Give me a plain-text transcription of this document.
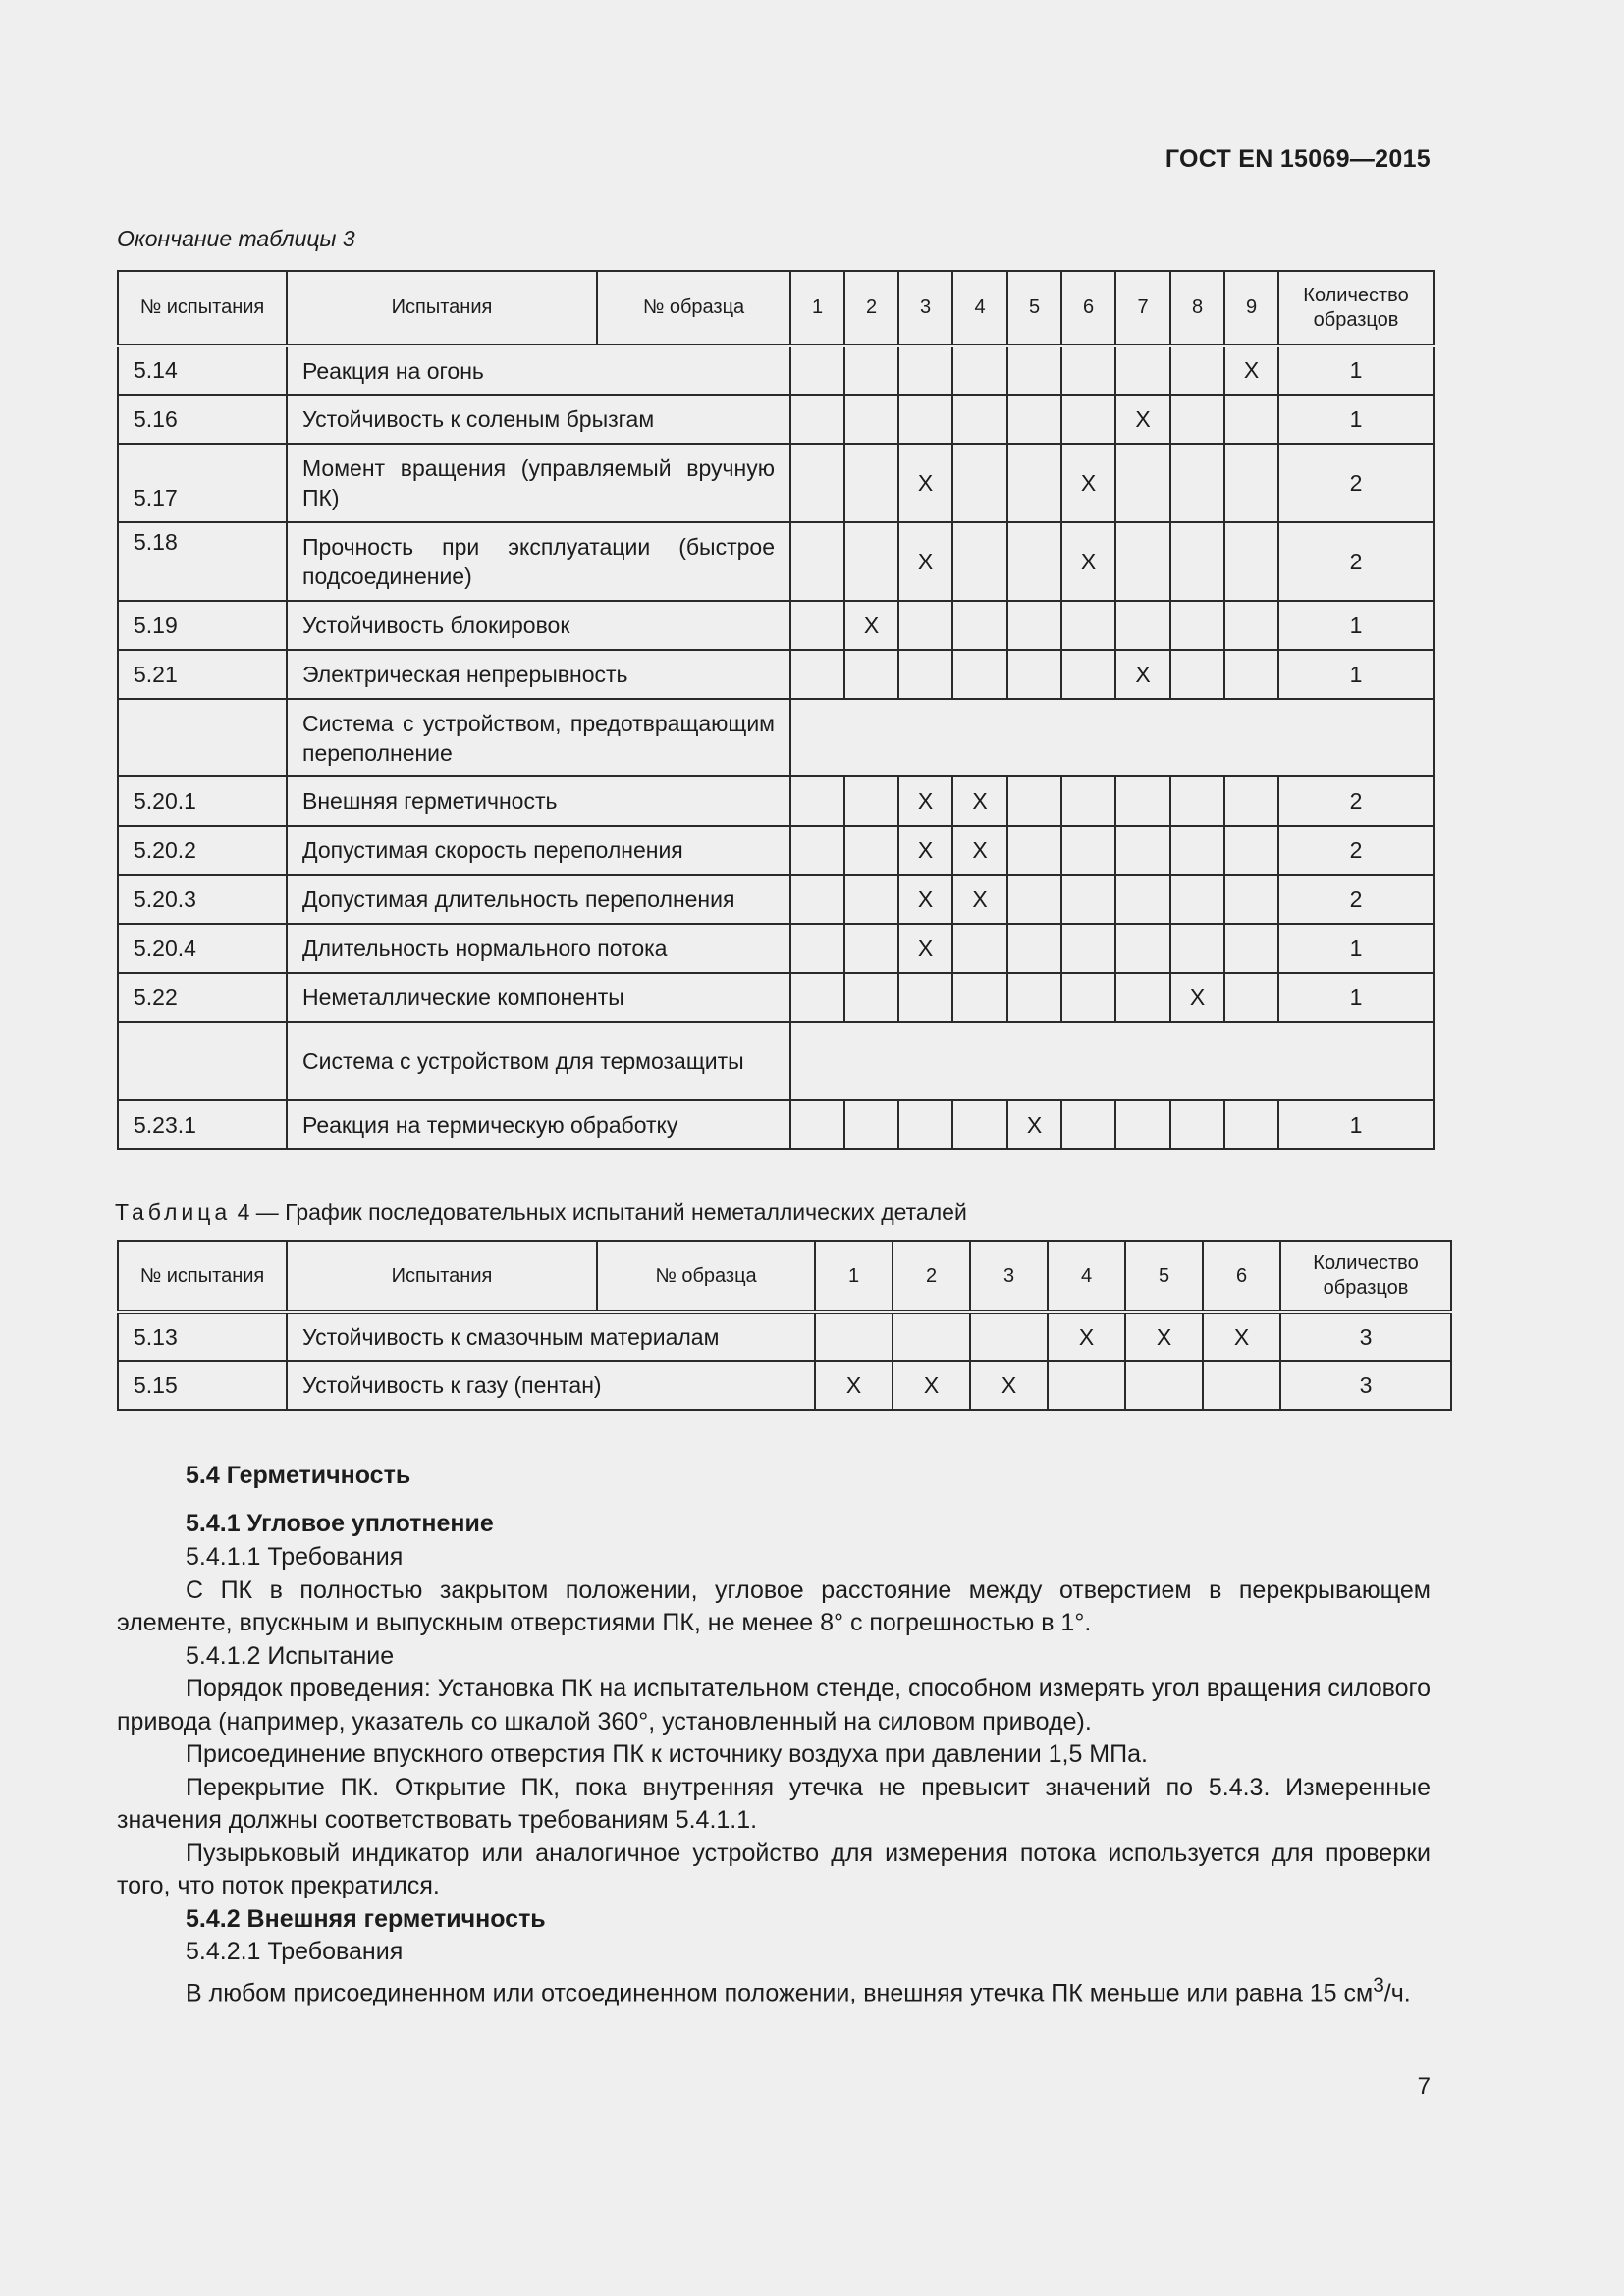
ГОСТ EN 15069—2015
Окончание таблицы 3
№ испытания	Испытания	№ образца	1	2	3	4	5	6	7	8	9	Количество образцов
5.14	Реакция на огонь										X	1
5.16	Устойчивость к соленым брызгам								X			1
5.17	Момент вращения (управляемый вручную ПК)				X			X				2

5.18	Прочность при эксплуатации (быстрое подсоединение)				X			X				2
5.19	Устойчивость блокировок			X								1
5.21	Электрическая непрерывность								X			1
	Система с устройством, предотвращающим переполнение											
5.20.1	Внешняя герметичность				X	X						2
5.20.2	Допустимая скорость переполнения				X	X						2
5.20.3	Допустимая длительность переполнения				X	X						2
5.20.4	Длительность нормального потока				X							1
5.22	Неметаллические компоненты									X		1
	Система с устройством для термозащиты											
5.23.1	Реакция на термическую обработку						X					1
Таблица 4 — График последовательных испытаний неметаллических деталей
№ испытания	Испытания	№ образца	1	2	3	4	5	6	Количество образцов
5.13	Устойчивость к смазочным материалам					X	X	X	3
5.15	Устойчивость к газу (пентан)		X	X	X				3

5.4 Герметичность

5.4.1 Угловое уплотнение

5.4.1.1 Требования

С ПК в полностью закрытом положении, угловое расстояние между отверстием в перекрывающем элементе, впускным и выпускным отверстиями ПК, не менее 8° с погрешностью в 1°.

5.4.1.2 Испытание

Порядок проведения: Установка ПК на испытательном стенде, способном измерять угол вращения силового привода (например, указатель со шкалой 360°, установленный на силовом приводе).

Присоединение впускного отверстия ПК к источнику воздуха при давлении 1,5 МПа.

Перекрытие ПК. Открытие ПК, пока внутренняя утечка не превысит значений по 5.4.3. Измеренные значения должны соответствовать требованиям 5.4.1.1.

Пузырьковый индикатор или аналогичное устройство для измерения потока используется для проверки того, что поток прекратился.

5.4.2 Внешняя герметичность

5.4.2.1 Требования

В любом присоединенном или отсоединенном положении, внешняя утечка ПК меньше или равна 15 $см^3/ч$.

7
